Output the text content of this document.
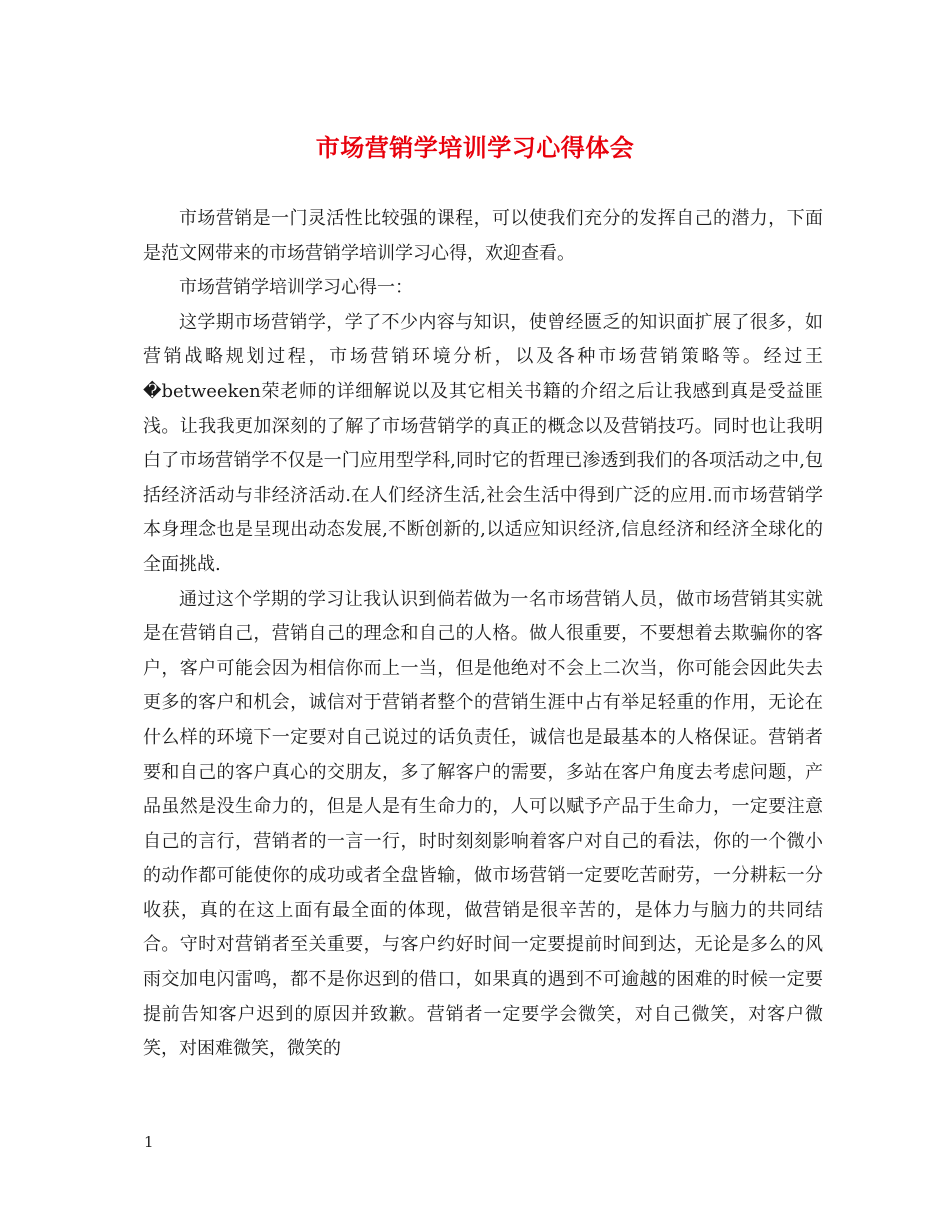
市场营销学培训学习心得体会

市场营销是一门灵活性比较强的课程，可以使我们充分的发挥自己的潜力，下面是范文网带来的市场营销学培训学习心得，欢迎查看。

市场营销学培训学习心得一：

这学期市场营销学，学了不少内容与知识，使曾经匮乏的知识面扩展了很多，如营销战略规划过程，市场营销环境分析，以及各种市场营销策略等。经过王�betweeken荣老师的详细解说以及其它相关书籍的介绍之后让我感到真是受益匪浅。让我我更加深刻的了解了市场营销学的真正的概念以及营销技巧。同时也让我明白了市场营销学不仅是一门应用型学科,同时它的哲理已渗透到我们的各项活动之中,包括经济活动与非经济活动.在人们经济生活,社会生活中得到广泛的应用.而市场营销学本身理念也是呈现出动态发展,不断创新的,以适应知识经济,信息经济和经济全球化的全面挑战.

通过这个学期的学习让我认识到倘若做为一名市场营销人员，做市场营销其实就是在营销自己，营销自己的理念和自己的人格。做人很重要，不要想着去欺骗你的客户，客户可能会因为相信你而上一当，但是他绝对不会上二次当，你可能会因此失去更多的客户和机会，诚信对于营销者整个的营销生涯中占有举足轻重的作用，无论在什么样的环境下一定要对自己说过的话负责任，诚信也是最基本的人格保证。营销者要和自己的客户真心的交朋友，多了解客户的需要，多站在客户角度去考虑问题，产品虽然是没生命力的，但是人是有生命力的，人可以赋予产品于生命力，一定要注意自己的言行，营销者的一言一行，时时刻刻影响着客户对自己的看法，你的一个微小的动作都可能使你的成功或者全盘皆输，做市场营销一定要吃苦耐劳，一分耕耘一分收获，真的在这上面有最全面的体现，做营销是很辛苦的，是体力与脑力的共同结合。守时对营销者至关重要，与客户约好时间一定要提前时间到达，无论是多么的风雨交加电闪雷鸣，都不是你迟到的借口，如果真的遇到不可逾越的困难的时候一定要提前告知客户迟到的原因并致歉。营销者一定要学会微笑，对自己微笑，对客户微笑，对困难微笑，微笑的

1
